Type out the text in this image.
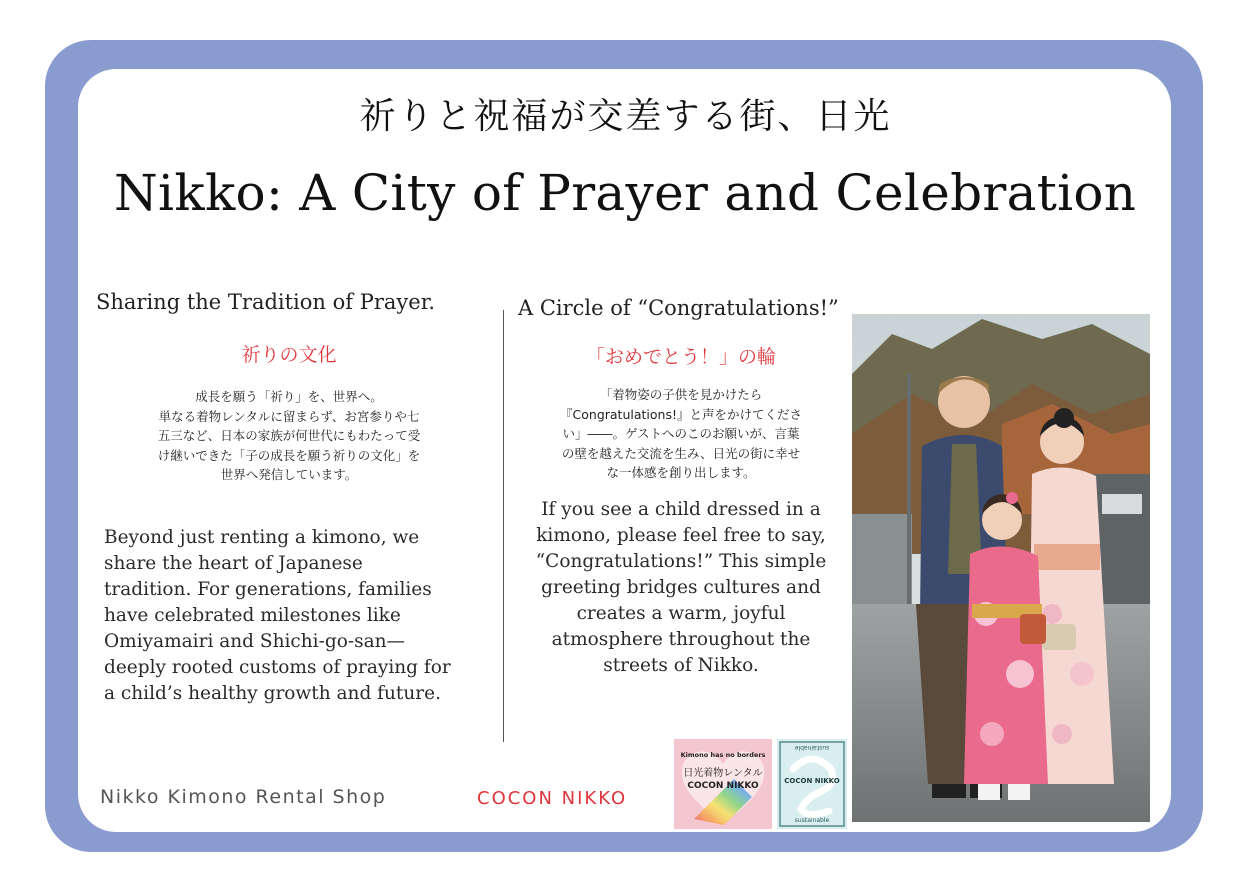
祈りと祝福が交差する街、日光
Nikko: A City of Prayer and Celebration
Sharing the Tradition of Prayer.
祈りの文化
成長を願う「祈り」を、世界へ。
単なる着物レンタルに留まらず、お宮参りや七
五三など、日本の家族が何世代にもわたって受
け継いできた「子の成長を願う祈りの文化」を
世界へ発信しています。
Beyond just renting a kimono, we
share the heart of Japanese
tradition. For generations, families
have celebrated milestones like
Omiyamairi and Shichi-go-san—
deeply rooted customs of praying for
a child’s healthy growth and future.
A Circle of “Congratulations!”
「おめでとう！」の輪
「着物姿の子供を見かけたら
『Congratulations!』と声をかけてくださ
い」――。ゲストへのこのお願いが、言葉
の壁を越えた交流を生み、日光の街に幸せ
な一体感を創り出します。
If you see a child dressed in a
kimono, please feel free to say,
“Congratulations!” This simple
greeting bridges cultures and
creates a warm, joyful
atmosphere throughout the
streets of Nikko.
Nikko Kimono Rental Shop	COCON NIKKO
Kimono has no borders
日光着物レンタル
COCON NIKKO
sustainable
COCON NIKKO
sustainable
